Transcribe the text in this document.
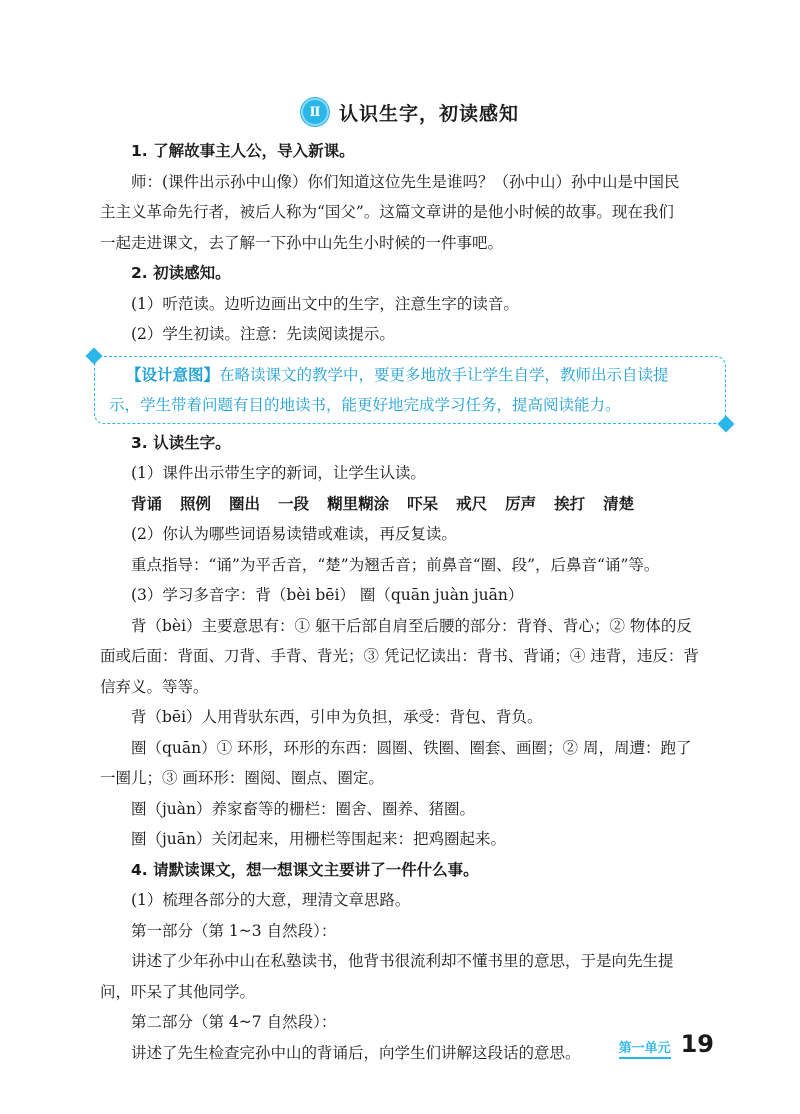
Ⅱ 认识生字，初读感知

1. 了解故事主人公，导入新课。

师：(课件出示孙中山像）你们知道这位先生是谁吗？（孙中山）孙中山是中国民

主主义革命先行者，被后人称为“国父”。这篇文章讲的是他小时候的故事。现在我们

一起走进课文，去了解一下孙中山先生小时候的一件事吧。

2. 初读感知。

(1）听范读。边听边画出文中的生字，注意生字的读音。

(2）学生初读。注意：先读阅读提示。

【设计意图】在略读课文的教学中，要更多地放手让学生自学，教师出示自读提

示，学生带着问题有目的地读书，能更好地完成学习任务，提高阅读能力。

3. 认读生字。

(1）课件出示带生字的新词，让学生认读。

背诵 照例 圈出 一段 糊里糊涂 吓呆 戒尺 厉声 挨打 清楚

(2）你认为哪些词语易读错或难读，再反复读。

重点指导：“诵”为平舌音，“楚”为翘舌音；前鼻音“圈、段”，后鼻音“诵”等。

(3）学习多音字：背（bèi bēi） 圈（quān juàn juān）

背（bèi）主要意思有：① 躯干后部自肩至后腰的部分：背脊、背心；② 物体的反

面或后面：背面、刀背、手背、背光；③ 凭记忆读出：背书、背诵；④ 违背，违反：背

信弃义。等等。

背（bēi）人用背驮东西，引申为负担，承受：背包、背负。

圈（quān）① 环形，环形的东西：圆圈、铁圈、圈套、画圈；② 周，周遭：跑了

一圈儿；③ 画环形：圈阅、圈点、圈定。

圈（juàn）养家畜等的栅栏：圈舍、圈养、猪圈。

圈（juān）关闭起来，用栅栏等围起来：把鸡圈起来。

4. 请默读课文，想一想课文主要讲了一件什么事。

(1）梳理各部分的大意，理清文章思路。

第一部分（第 1~3 自然段）：

讲述了少年孙中山在私塾读书，他背书很流利却不懂书里的意思，于是向先生提

问，吓呆了其他同学。

第二部分（第 4~7 自然段）：

讲述了先生检查完孙中山的背诵后，向学生们讲解这段话的意思。	第一单元 19
